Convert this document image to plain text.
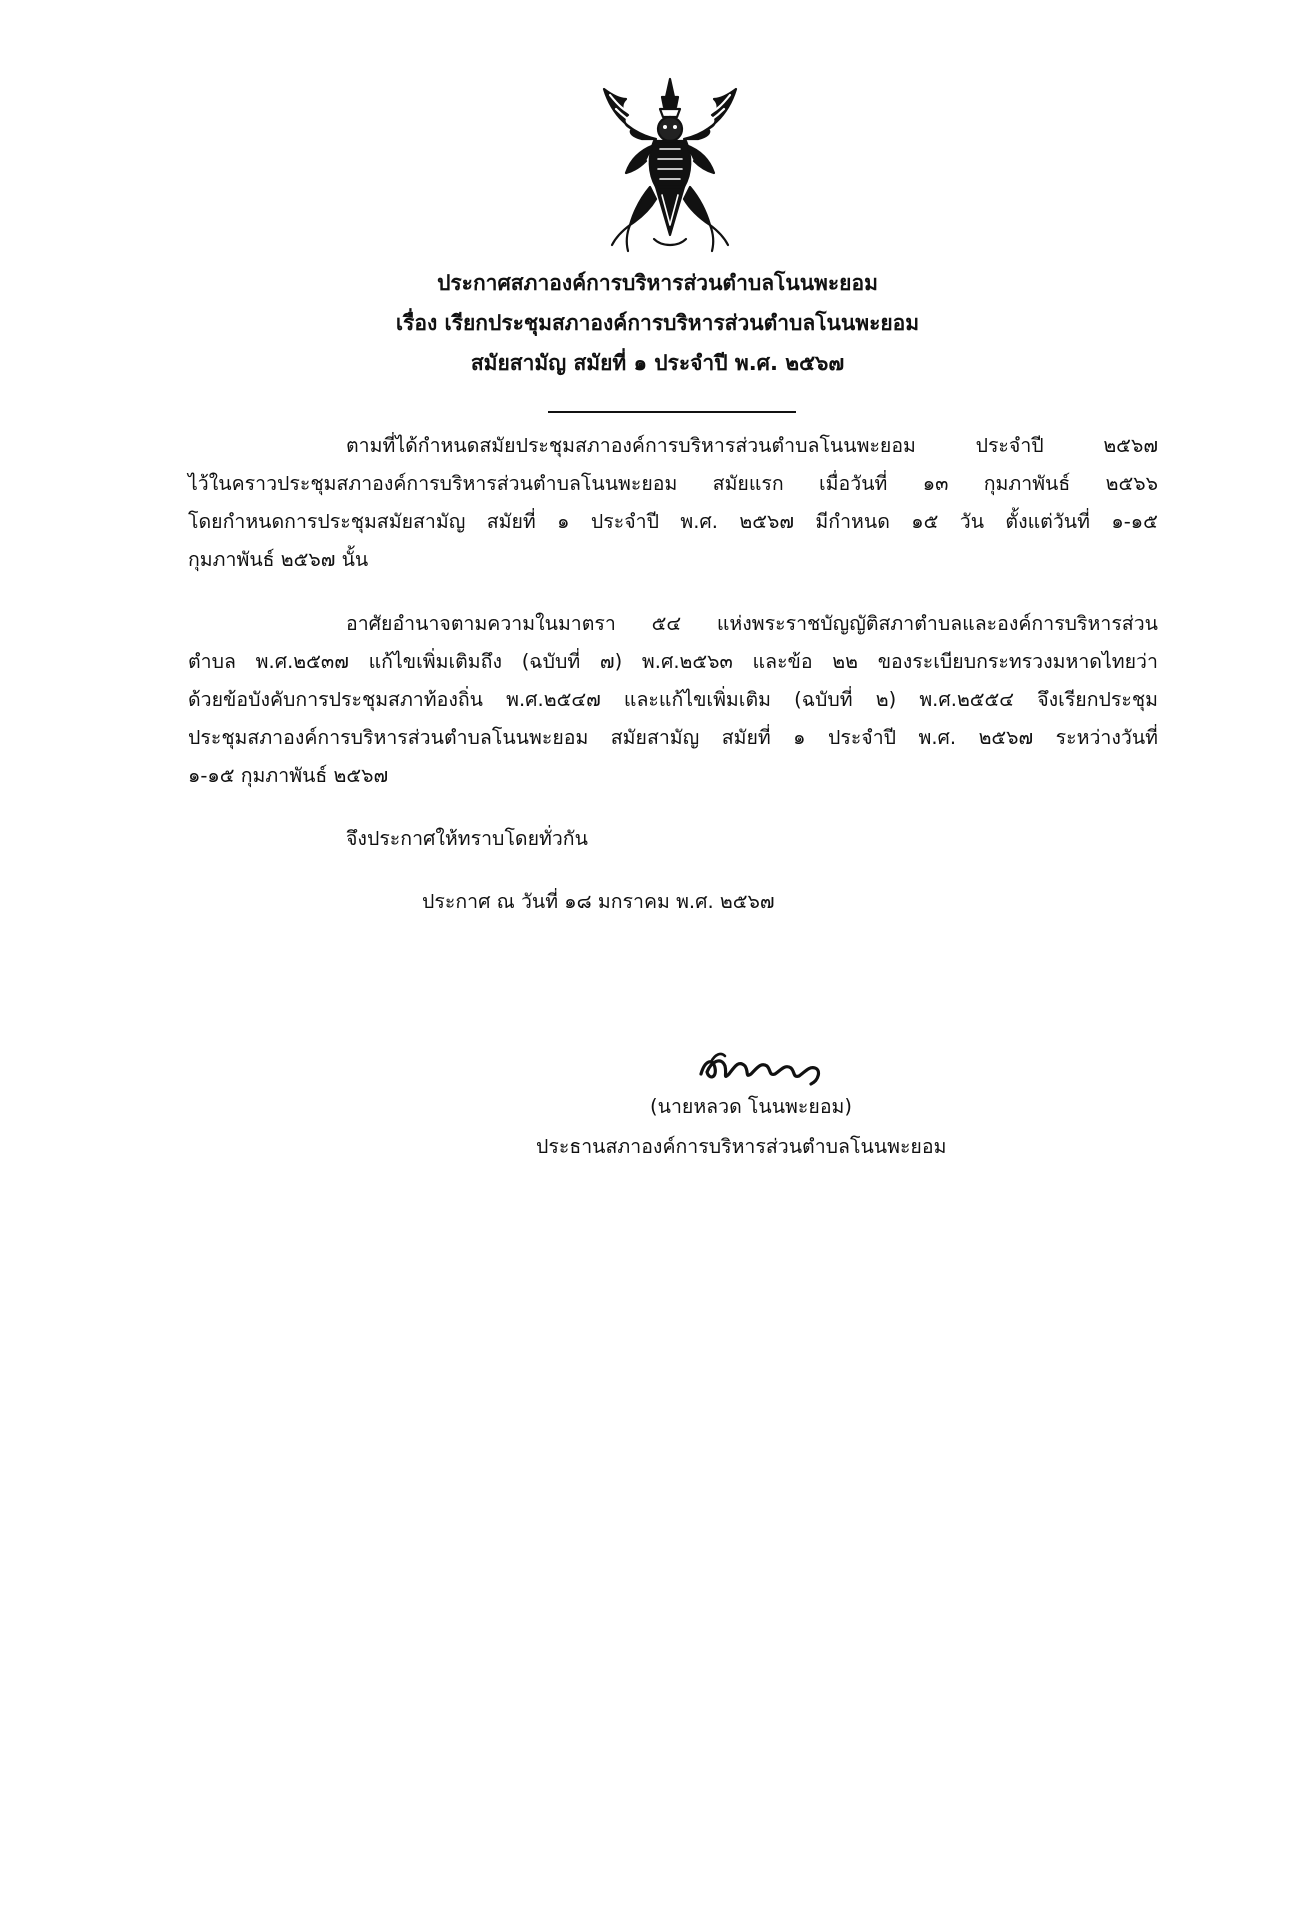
ประกาศสภาองค์การบริหารส่วนตำบลโนนพะยอม
เรื่อง เรียกประชุมสภาองค์การบริหารส่วนตำบลโนนพะยอม
สมัยสามัญ สมัยที่ ๑ ประจำปี พ.ศ. ๒๕๖๗
ตามที่ได้กำหนดสมัยประชุมสภาองค์การบริหารส่วนตำบลโนนพะยอม	ประจำปี	๒๕๖๗
ไว้ในคราวประชุมสภาองค์การบริหารส่วนตำบลโนนพะยอม สมัยแรก เมื่อวันที่ ๑๓ กุมภาพันธ์ ๒๕๖๖
โดยกำหนดการประชุมสมัยสามัญ สมัยที่ ๑ ประจำปี พ.ศ. ๒๕๖๗ มีกำหนด ๑๕ วัน ตั้งแต่วันที่ ๑-๑๕
กุมภาพันธ์ ๒๕๖๗ นั้น
อาศัยอำนาจตามความในมาตรา ๕๔ แห่งพระราชบัญญัติสภาตำบลและองค์การบริหารส่วน
ตำบล พ.ศ.๒๕๓๗ แก้ไขเพิ่มเติมถึง (ฉบับที่ ๗) พ.ศ.๒๕๖๓ และข้อ ๒๒ ของระเบียบกระทรวงมหาดไทยว่า
ด้วยข้อบังคับการประชุมสภาท้องถิ่น พ.ศ.๒๕๔๗ และแก้ไขเพิ่มเติม (ฉบับที่ ๒) พ.ศ.๒๕๕๔ จึงเรียกประชุม
ประชุมสภาองค์การบริหารส่วนตำบลโนนพะยอม สมัยสามัญ สมัยที่ ๑ ประจำปี พ.ศ. ๒๕๖๗ ระหว่างวันที่
๑-๑๕ กุมภาพันธ์ ๒๕๖๗
จึงประกาศให้ทราบโดยทั่วกัน
ประกาศ ณ วันที่ ๑๘ มกราคม พ.ศ. ๒๕๖๗
(นายหลวด โนนพะยอม)
ประธานสภาองค์การบริหารส่วนตำบลโนนพะยอม
